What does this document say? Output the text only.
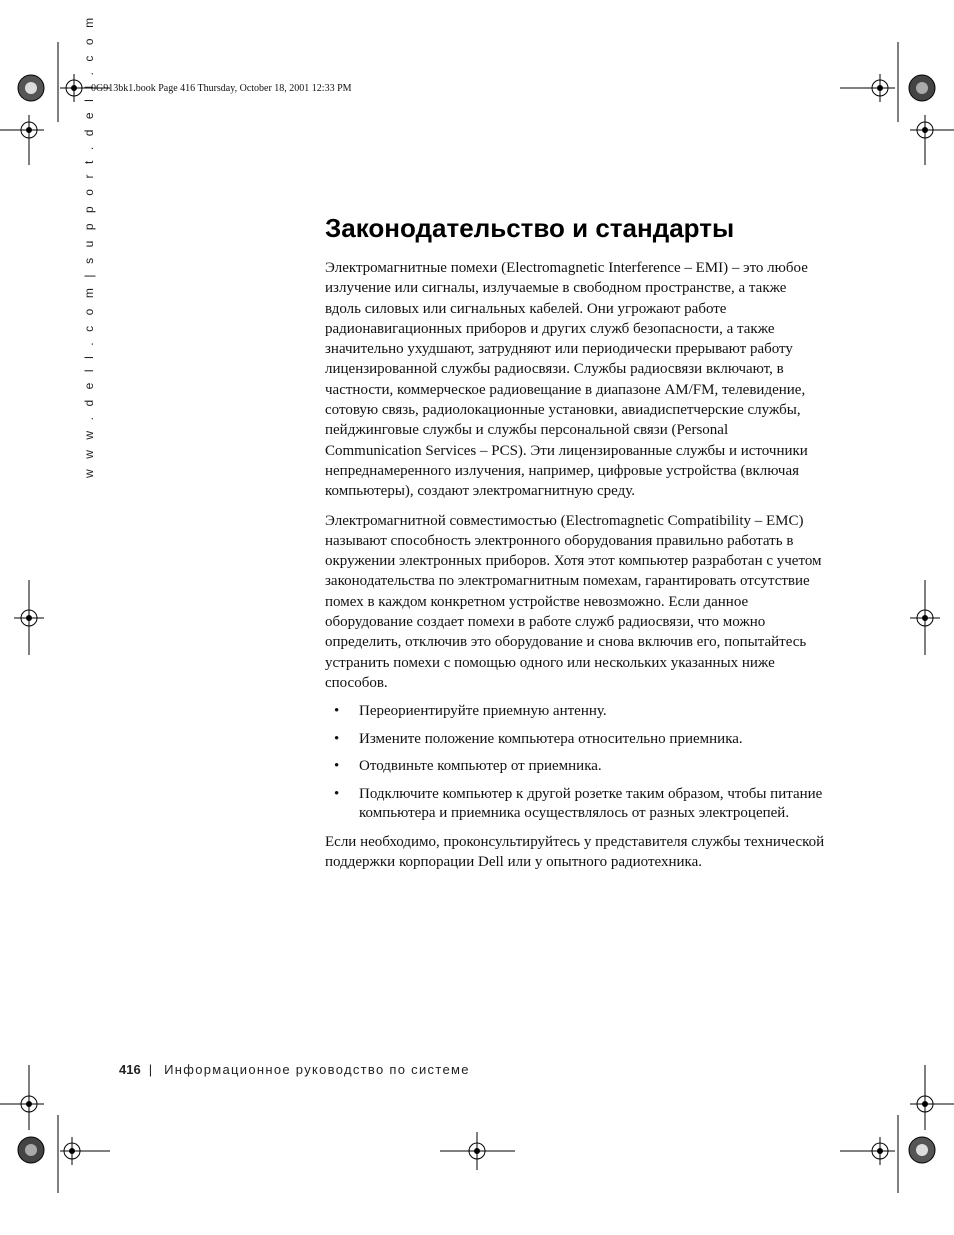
0G913bk1.book Page 416 Thursday, October 18, 2001 12:33 PM
w w w . d e l l . c o m | s u p p o r t . d e l l . c o m	Законодательство и стандарты

Электромагнитные помехи (Electromagnetic Interference – EMI) – это любое излучение или сигналы, излучаемые в свободном пространстве, а также вдоль силовых или сигнальных кабелей. Они угрожают работе радионавигационных приборов и других служб безопасности, а также значительно ухудшают, затрудняют или периодически прерывают работу лицензированной службы радиосвязи. Службы радиосвязи включают, в частности, коммерческое радиовещание в диапазоне AM/FM, телевидение, сотовую связь, радиолокационные установки, авиадиспетчерские службы, пейджинговые службы и службы персональной связи (Personal Communication Services – PCS). Эти лицензированные службы и источники непреднамеренного излучения, например, цифровые устройства (включая компьютеры), создают электромагнитную среду.

Электромагнитной совместимостью (Electromagnetic Compatibility – EMC) называют способность электронного оборудования правильно работать в окружении электронных приборов. Хотя этот компьютер разработан с учетом законодательства по электромагнитным помехам, гарантировать отсутствие помех в каждом конкретном устройстве невозможно. Если данное оборудование создает помехи в работе служб радиосвязи, что можно определить, отключив это оборудование и снова включив его, попытайтесь устранить помехи с помощью одного или нескольких указанных ниже способов.

• Переориентируйте приемную антенну.
• Измените положение компьютера относительно приемника.
• Отодвиньте компьютер от приемника.
• Подключите компьютер к другой розетке таким образом, чтобы питание компьютера и приемника осуществлялось от разных электроцепей.

Если необходимо, проконсультируйтесь у представителя службы технической поддержки корпорации Dell или у опытного радиотехника.

416 | Информационное руководство по системе
